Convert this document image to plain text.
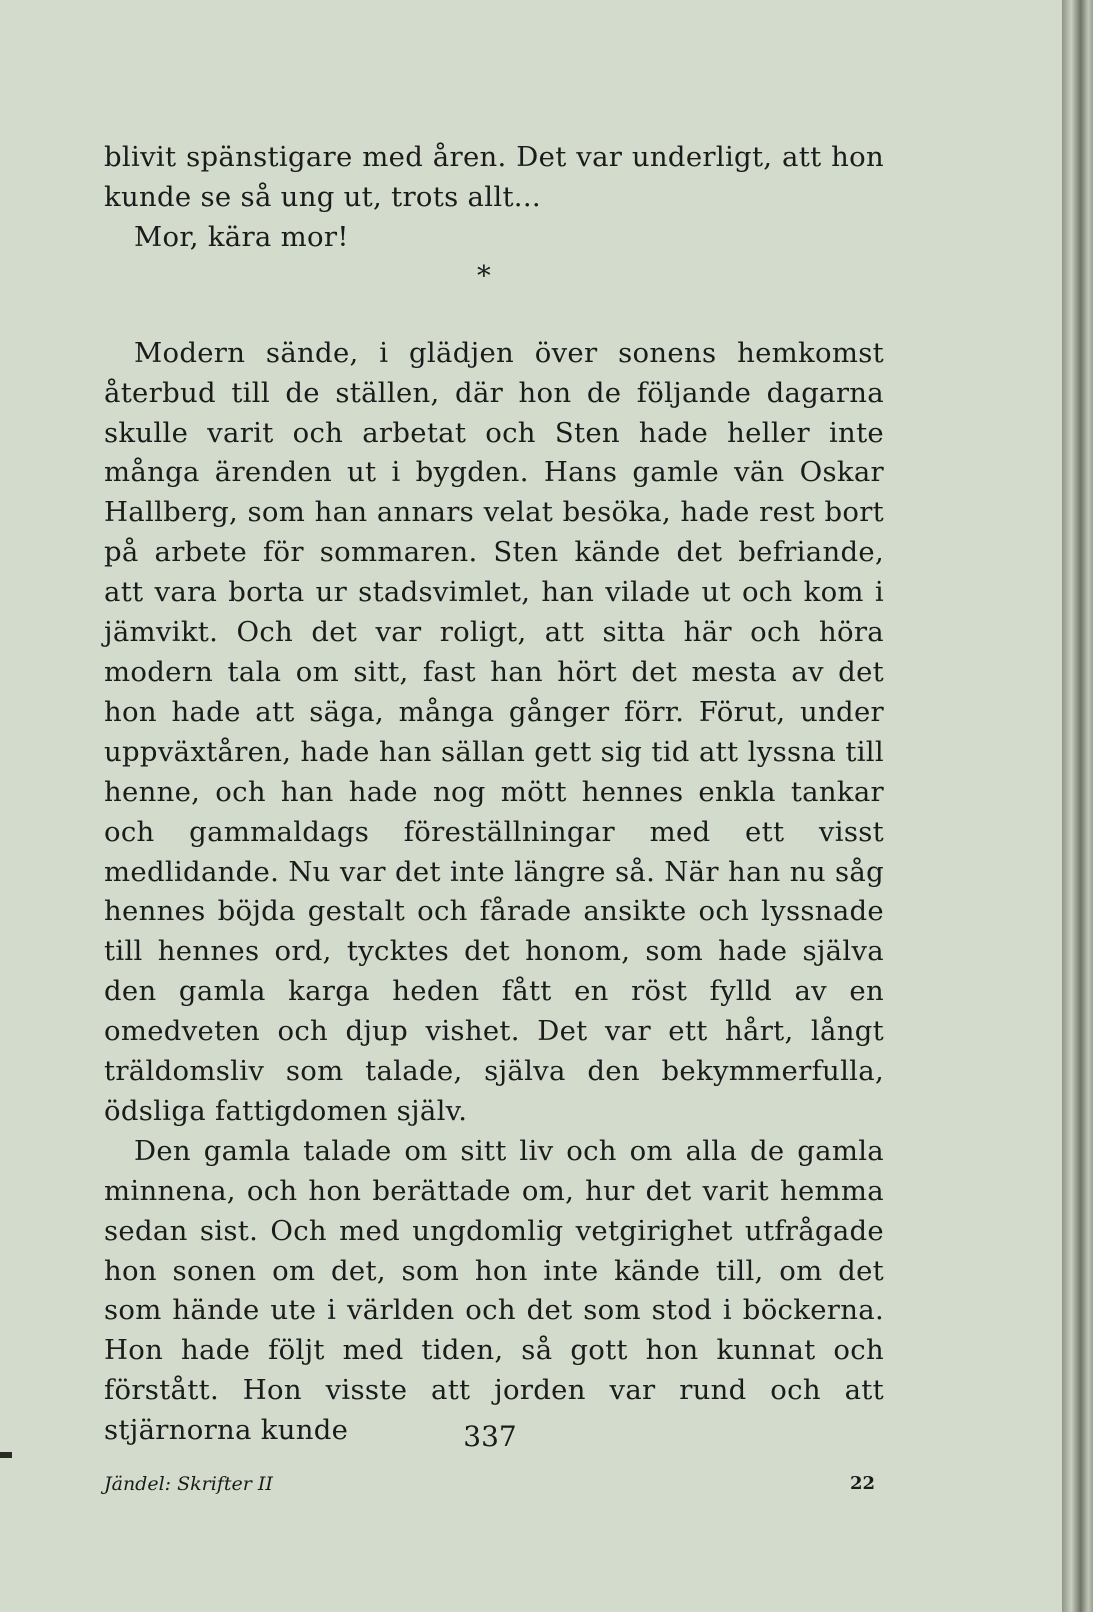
blivit spänstigare med åren. Det var underligt, att hon kunde se så ung ut, trots allt...

Mor, kära mor!

*

Modern sände, i glädjen över sonens hemkomst återbud till de ställen, där hon de följande dagarna skulle varit och arbetat och Sten hade heller inte många ärenden ut i bygden. Hans gamle vän Oskar Hallberg, som han annars velat besöka, hade rest bort på arbete för sommaren. Sten kände det befriande, att vara borta ur stadsvimlet, han vilade ut och kom i jämvikt. Och det var roligt, att sitta här och höra modern tala om sitt, fast han hört det mesta av det hon hade att säga, många gånger förr. Förut, under uppväxtåren, hade han sällan gett sig tid att lyssna till henne, och han hade nog mött hennes enkla tankar och gammaldags föreställningar med ett visst medlidande. Nu var det inte längre så. När han nu såg hennes böjda gestalt och fårade ansikte och lyssnade till hennes ord, tycktes det honom, som hade själva den gamla karga heden fått en röst fylld av en omedveten och djup vishet. Det var ett hårt, långt träldomsliv som talade, själva den bekymmerfulla, ödsliga fattigdomen själv.

Den gamla talade om sitt liv och om alla de gamla minnena, och hon berättade om, hur det varit hemma sedan sist. Och med ungdomlig vetgirighet utfrågade hon sonen om det, som hon inte kände till, om det som hände ute i världen och det som stod i böckerna. Hon hade följt med tiden, så gott hon kunnat och förstått. Hon visste att jorden var rund och att stjärnorna kunde	337
Jändel: Skrifter II	22
